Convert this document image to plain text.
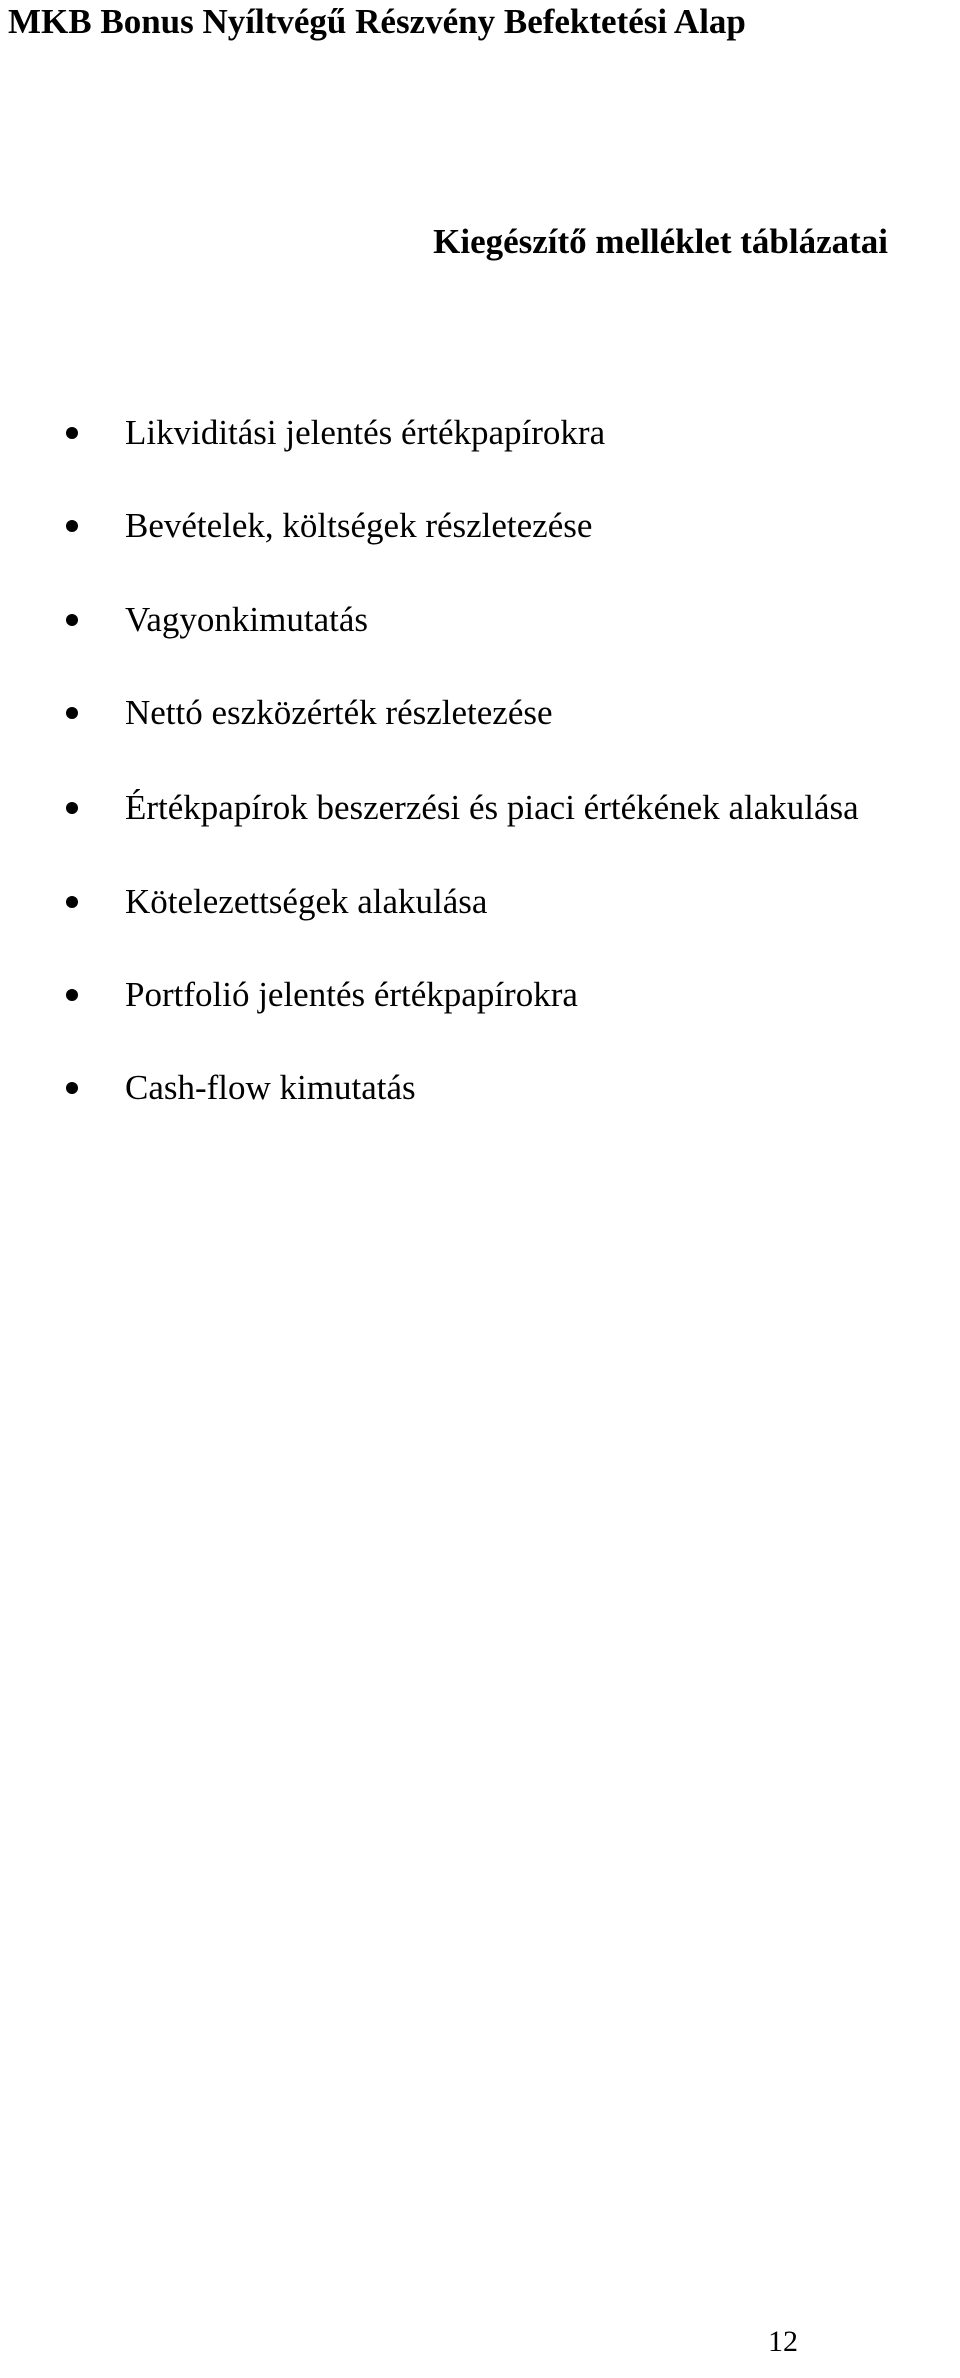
MKB Bonus Nyíltvégű Részvény Befektetési Alap
Kiegészítő melléklet táblázatai
Likviditási jelentés értékpapírokra
Bevételek, költségek részletezése
Vagyonkimutatás
Nettó eszközérték részletezése
Értékpapírok beszerzési és piaci értékének alakulása
Kötelezettségek alakulása
Portfolió jelentés értékpapírokra
Cash-flow kimutatás
12
